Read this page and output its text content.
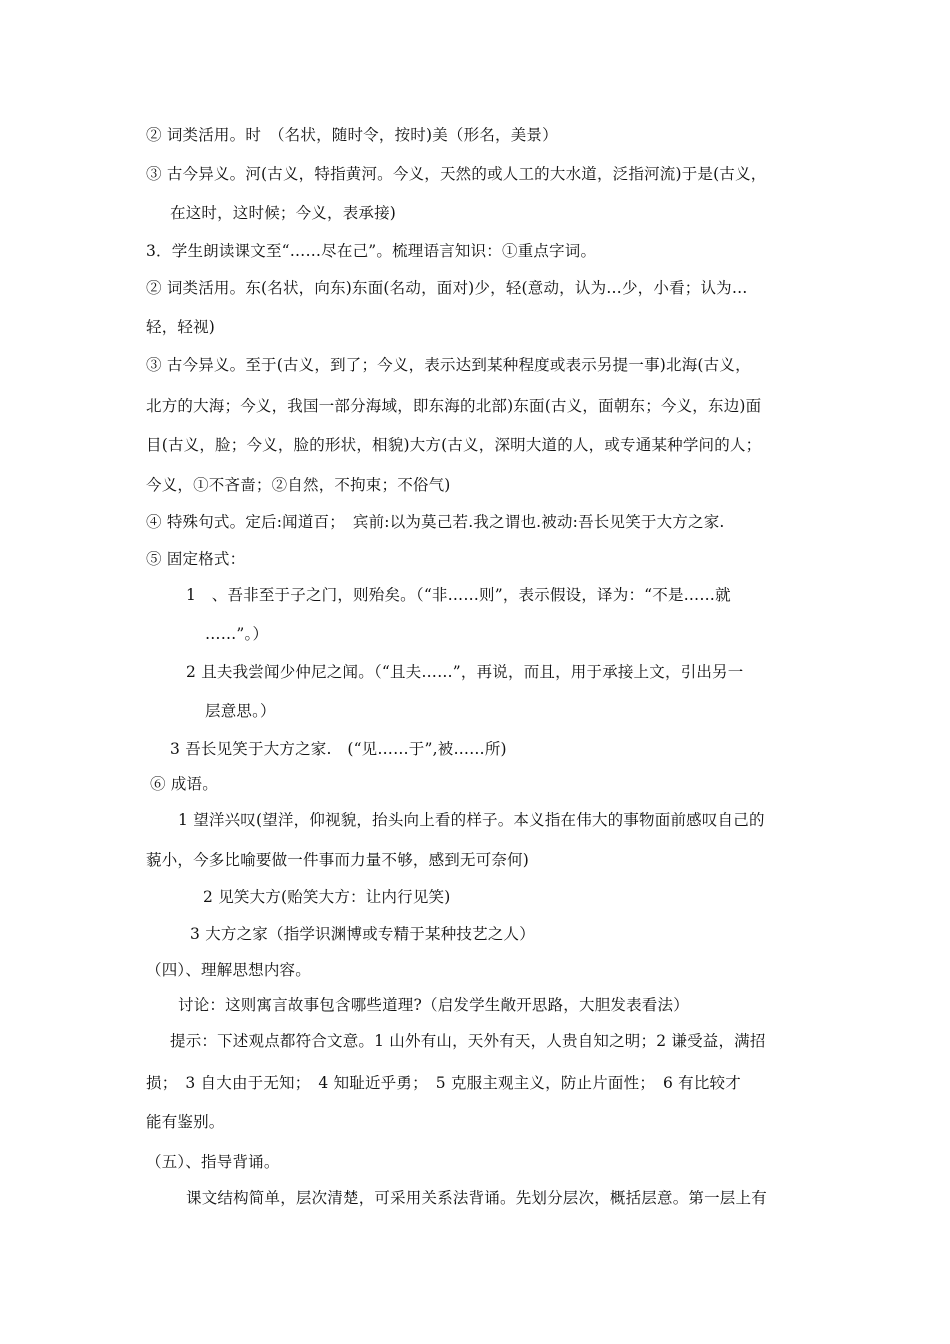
② 词类活用。时　（名状，随时令，按时)美（形名，美景）
③ 古今异义。河(古义，特指黄河。今义，天然的或人工的大水道，泛指河流)于是(古义，
在这时，这时候；今义，表承接)
3．学生朗读课文至“……尽在己”。梳理语言知识：①重点字词。
② 词类活用。东(名状，向东)东面(名动，面对)少，轻(意动，认为…少，小看；认为…
轻，轻视)
③ 古今异义。至于(古义，到了；今义，表示达到某种程度或表示另提一事)北海(古义，
北方的大海；今义，我国一部分海域，即东海的北部)东面(古义，面朝东；今义，东边)面
目(古义，脸；今义，脸的形状，相貌)大方(古义，深明大道的人，或专通某种学问的人；
今义，①不吝啬；②自然，不拘束；不俗气)
④ 特殊句式。定后:闻道百；　宾前:以为莫己若.我之谓也.被动:吾长见笑于大方之家.
⑤ 固定格式：
1　、吾非至于子之门，则殆矣。（“非……则”，表示假设，译为：“不是……就
……”。）
2 且夫我尝闻少仲尼之闻。（“且夫……”，再说，而且，用于承接上文，引出另一
层意思。）
3 吾长见笑于大方之家.　(“见……于”,被……所)
⑥ 成语。
1 望洋兴叹(望洋，仰视貌，抬头向上看的样子。本义指在伟大的事物面前感叹自己的
藐小，今多比喻要做一件事而力量不够，感到无可奈何)
2 见笑大方(贻笑大方：让内行见笑)
3 大方之家（指学识渊博或专精于某种技艺之人）
（四）、理解思想内容。
讨论：这则寓言故事包含哪些道理?（启发学生敞开思路，大胆发表看法）
提示：下述观点都符合文意。1 山外有山，天外有天，人贵自知之明；2 谦受益，满招
损；　3 自大由于无知；　4 知耻近乎勇；　5 克服主观主义，防止片面性；　6 有比较才
能有鉴别。
（五）、指导背诵。
课文结构简单，层次清楚，可采用关系法背诵。先划分层次，概括层意。第一层上有
